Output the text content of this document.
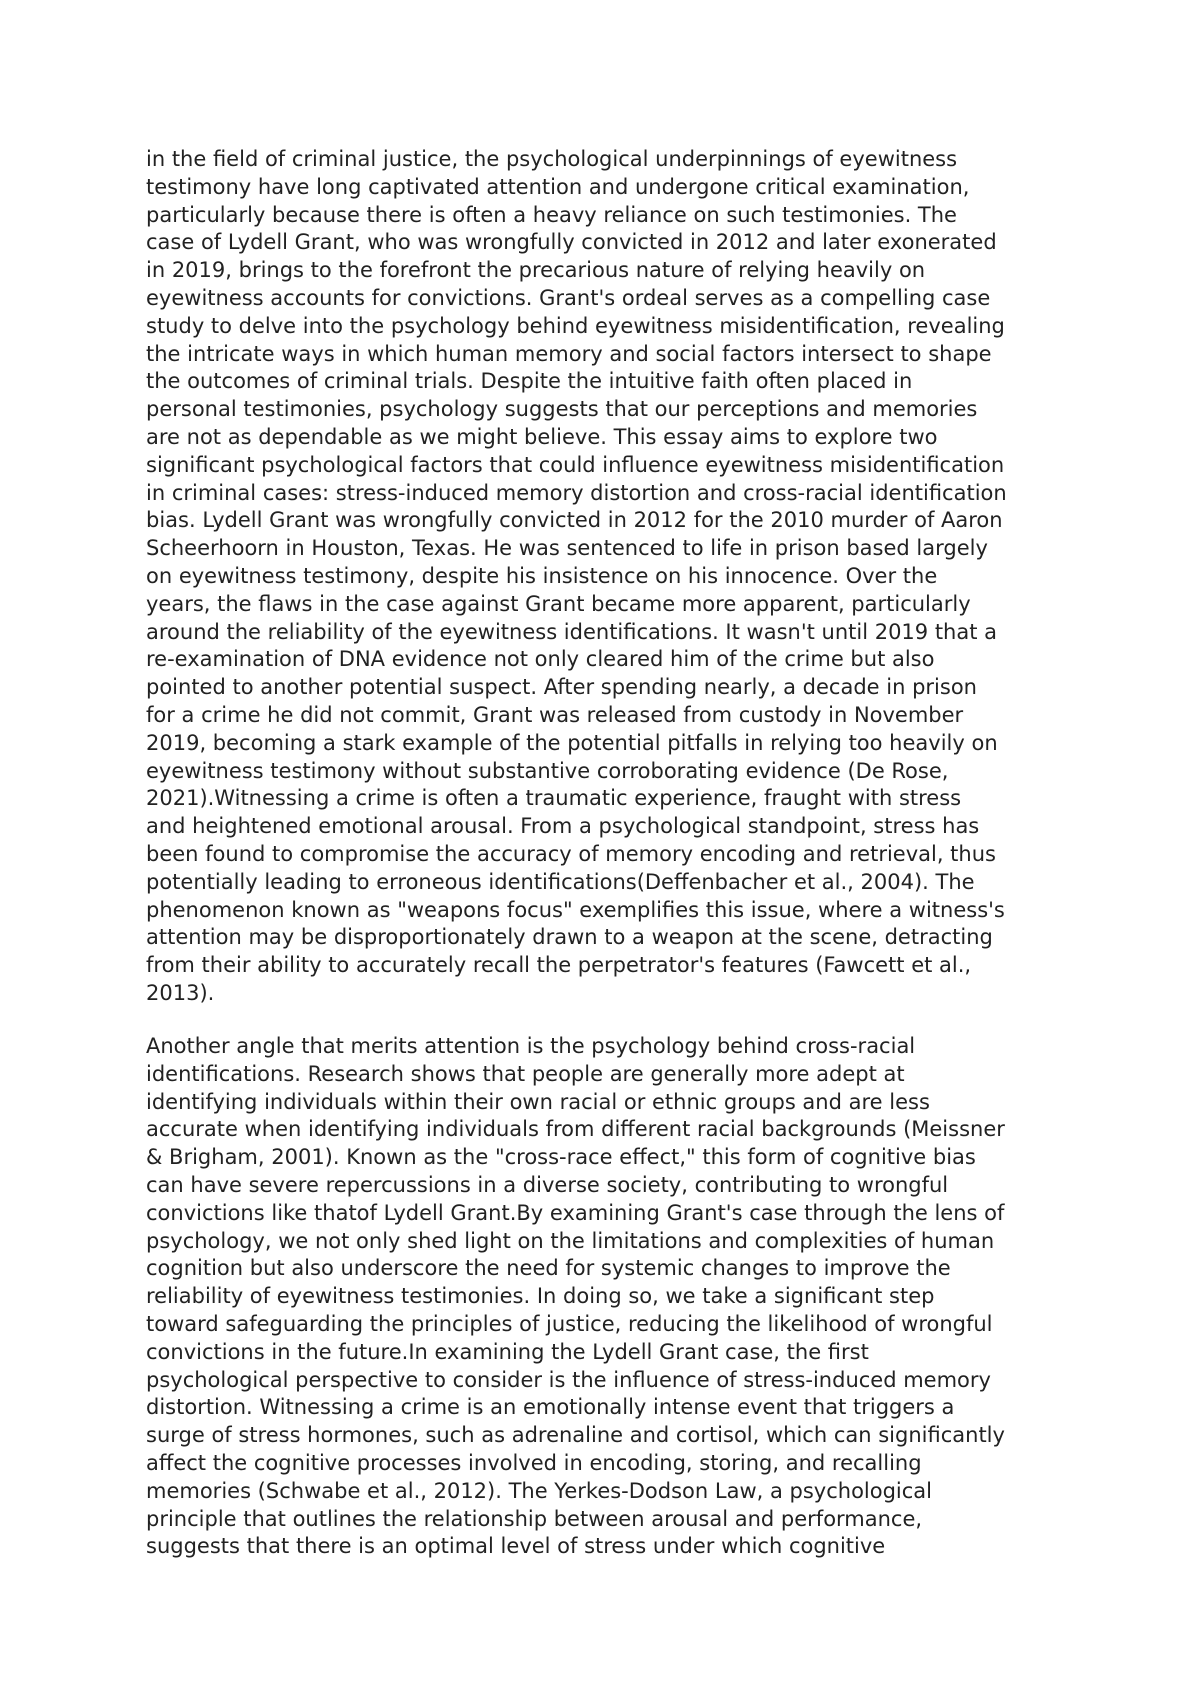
in the field of criminal justice, the psychological underpinnings of eyewitness
testimony have long captivated attention and undergone critical examination,
particularly because there is often a heavy reliance on such testimonies. The
case of Lydell Grant, who was wrongfully convicted in 2012 and later exonerated
in 2019, brings to the forefront the precarious nature of relying heavily on
eyewitness accounts for convictions. Grant's ordeal serves as a compelling case
study to delve into the psychology behind eyewitness misidentification, revealing
the intricate ways in which human memory and social factors intersect to shape
the outcomes of criminal trials. Despite the intuitive faith often placed in
personal testimonies, psychology suggests that our perceptions and memories
are not as dependable as we might believe. This essay aims to explore two
significant psychological factors that could influence eyewitness misidentification
in criminal cases: stress-induced memory distortion and cross-racial identification
bias. Lydell Grant was wrongfully convicted in 2012 for the 2010 murder of Aaron
Scheerhoorn in Houston, Texas. He was sentenced to life in prison based largely
on eyewitness testimony, despite his insistence on his innocence. Over the
years, the flaws in the case against Grant became more apparent, particularly
around the reliability of the eyewitness identifications. It wasn't until 2019 that a
re-examination of DNA evidence not only cleared him of the crime but also
pointed to another potential suspect. After spending nearly, a decade in prison
for a crime he did not commit, Grant was released from custody in November
2019, becoming a stark example of the potential pitfalls in relying too heavily on
eyewitness testimony without substantive corroborating evidence (De Rose,
2021).Witnessing a crime is often a traumatic experience, fraught with stress
and heightened emotional arousal. From a psychological standpoint, stress has
been found to compromise the accuracy of memory encoding and retrieval, thus
potentially leading to erroneous identifications(Deffenbacher et al., 2004). The
phenomenon known as "weapons focus" exemplifies this issue, where a witness's
attention may be disproportionately drawn to a weapon at the scene, detracting
from their ability to accurately recall the perpetrator's features (Fawcett et al.,
2013).
Another angle that merits attention is the psychology behind cross-racial
identifications. Research shows that people are generally more adept at
identifying individuals within their own racial or ethnic groups and are less
accurate when identifying individuals from different racial backgrounds (Meissner
& Brigham, 2001). Known as the "cross-race effect," this form of cognitive bias
can have severe repercussions in a diverse society, contributing to wrongful
convictions like thatof Lydell Grant.By examining Grant's case through the lens of
psychology, we not only shed light on the limitations and complexities of human
cognition but also underscore the need for systemic changes to improve the
reliability of eyewitness testimonies. In doing so, we take a significant step
toward safeguarding the principles of justice, reducing the likelihood of wrongful
convictions in the future.In examining the Lydell Grant case, the first
psychological perspective to consider is the influence of stress-induced memory
distortion. Witnessing a crime is an emotionally intense event that triggers a
surge of stress hormones, such as adrenaline and cortisol, which can significantly
affect the cognitive processes involved in encoding, storing, and recalling
memories (Schwabe et al., 2012). The Yerkes-Dodson Law, a psychological
principle that outlines the relationship between arousal and performance,
suggests that there is an optimal level of stress under which cognitive
